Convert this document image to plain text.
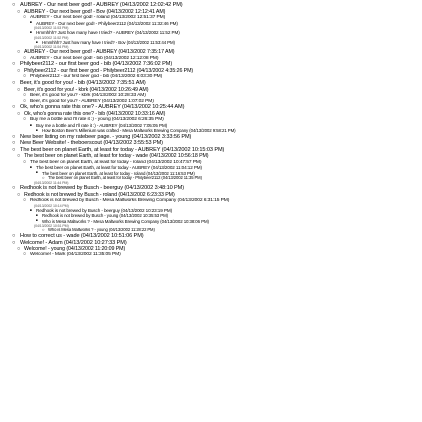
○ AUBREY - Our next beer god! - AUBREY (04/13/2002 12:02:42 PM)
○ AUBREY - Our next beer god! - Bov (04/13/2002 12:12:41 AM)
○ AUBREY - Our next beer god! - roland (04/13/2002 12:51:37 PM)
■ AUBREY - Our next beer god! - Philybeer2112 (04/13/2002 11:32:46 PM)
(04/13/2002 11:53 PM)
■ Hmmhhh? Just how many have I tried? - AUBREY (04/13/2002 11:52 PM)
(04/13/2002 11:52 PM)
■ Hmmhhh? Just how many have I tried? - Bov (04/13/2002 11:53:44 PM)
(04/13/2002 11:54 PM)
○ AUBREY - Our next beer god! - AUBREY (04/13/2002 7:35:17 AM)
○ AUBREY - Our next beer god! - bib (04/13/2002 12:12:08 PM)
○ Philybeer2112 - our first beer god - bib (04/13/2002 7:36:02 PM)
○ Philybeer2112 - our first beer god - Philybeer2112 (04/13/2002 4:35:26 PM)
○ Philybeer2112 - our first beer god - bib (04/13/2002 6:03:30 PM)
○ Beer, it's good for you! - bib (04/13/2002 7:35:51 AM)
○ Beer, it's good for you! - kbrk (04/13/2002 10:26:49 AM)
○ Beer, it's good for you? - kbrk (04/13/2002 10:28:33 AM)
○ Beer, it's good for you? - AUBREY (04/13/2002 1:07:02 PM)
○ Ok, who's gonna rate this one? - AUBREY (04/13/2002 10:25:44 AM)
○ Ok, who's gonna rate this one? - bib (04/13/2002 10:33:16 AM)
○ Buy me a bottle and I'll rate it :) - young (04/13/2002 6:26:35 PM)
■ Buy me a bottle and I'll rate it :) - AUBREY (04/13/2002 7:05:05 PM)
■ How Boston Beer's Millenium was crafted - Mesa Maltworks Brewing Company (04/13/2002 9:58:21 PM)
○ New beer listing on my ratebeer page. - young (04/13/2002 3:33:56 PM)
○ New Beer Website! - theboerscout (04/13/2002 3:55:53 PM)
○ The best beer on planet Earth, at least for today - AUBREY (04/13/2002 10:15:03 PM)
○ The best beer on planet Earth, at least for today - wade (04/13/2002 10:56:18 PM)
○ The best beer on planet Earth, at least for today - roland (04/13/2002 10:47:57 PM)
■ The best beer on planet Earth, at least for today - AUBREY (04/13/2002 11:04:12 PM)
■ The best beer on planet Earth, at least for today - roland (04/13/2002 11:16:53 PM)
○ The best beer on planet Earth, at least for today - Philybeer2112 (04/13/2002 11:35 PM)
(04/13/2002 11:44 PM)
○ Redhook is not brewed by Busch - beerguy (04/13/2002 3:48:10 PM)
○ Redhook is not brewed by Busch - roland (04/13/2002 6:23:33 PM)
○ Redhook is not brewed by Busch - Mesa Maltworks Brewing Company (04/13/2002 6:31:15 PM)
(04/13/2002 10:14 PM)
■ Redhook is not brewed by Busch - beerguy (04/13/2002 10:23:19 PM)
■ Redhook is not brewed by Busch - young (04/13/2002 10:35:53 PM)
■ Who is Mesa Maltworks ? - Mesa Maltworks Brewing Company (04/13/2002 10:38:06 PM)
(04/13/2002 10:51 PM)
○ Who is Mesa Maltworks ? - young (04/13/2002 11:28:22 PM)
○ How to correct us - wade (04/13/2002 10:51:06 PM)
○ Welcome! - Adam (04/13/2002 10:27:33 PM)
○ Welcome! - young (04/13/2002 11:20:09 PM)
○ Welcome! - Mark (04/13/2002 11:35:05 PM)
